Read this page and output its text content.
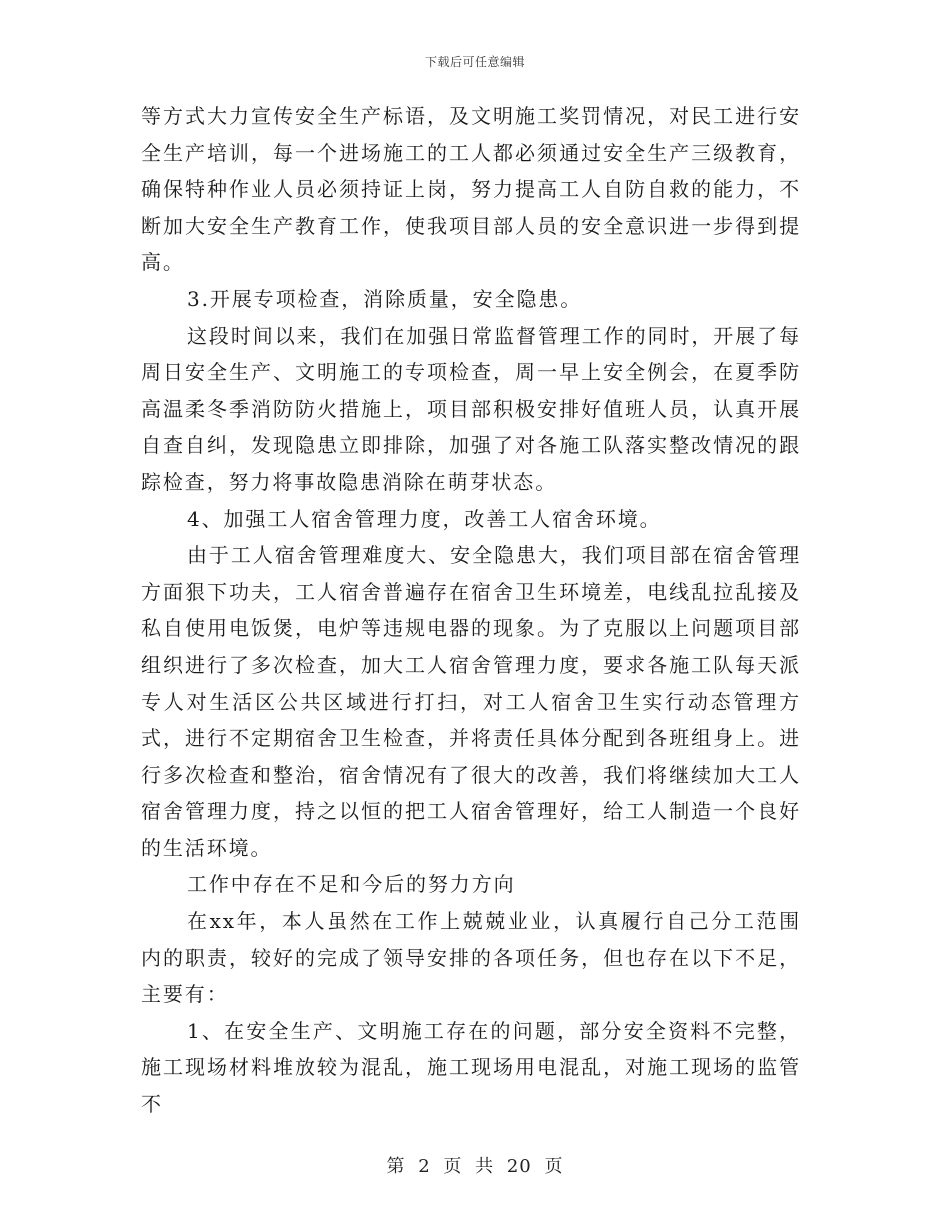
下载后可任意编辑

等方式大力宣传安全生产标语，及文明施工奖罚情况，对民工进行安全生产培训，每一个进场施工的工人都必须通过安全生产三级教育，确保特种作业人员必须持证上岗，努力提高工人自防自救的能力，不断加大安全生产教育工作，使我项目部人员的安全意识进一步得到提高。

3.开展专项检查，消除质量，安全隐患。

这段时间以来，我们在加强日常监督管理工作的同时，开展了每周日安全生产、文明施工的专项检查，周一早上安全例会，在夏季防高温柔冬季消防防火措施上，项目部积极安排好值班人员，认真开展自查自纠，发现隐患立即排除，加强了对各施工队落实整改情况的跟踪检查，努力将事故隐患消除在萌芽状态。

4、加强工人宿舍管理力度，改善工人宿舍环境。

由于工人宿舍管理难度大、安全隐患大，我们项目部在宿舍管理方面狠下功夫，工人宿舍普遍存在宿舍卫生环境差，电线乱拉乱接及私自使用电饭煲，电炉等违规电器的现象。为了克服以上问题项目部组织进行了多次检查，加大工人宿舍管理力度，要求各施工队每天派专人对生活区公共区域进行打扫，对工人宿舍卫生实行动态管理方式，进行不定期宿舍卫生检查，并将责任具体分配到各班组身上。进行多次检查和整治，宿舍情况有了很大的改善，我们将继续加大工人宿舍管理力度，持之以恒的把工人宿舍管理好，给工人制造一个良好的生活环境。

工作中存在不足和今后的努力方向

在xx年，本人虽然在工作上兢兢业业，认真履行自己分工范围内的职责，较好的完成了领导安排的各项任务，但也存在以下不足，主要有：

1、在安全生产、文明施工存在的问题，部分安全资料不完整，施工现场材料堆放较为混乱，施工现场用电混乱，对施工现场的监管不

第 2 页 共 20 页
